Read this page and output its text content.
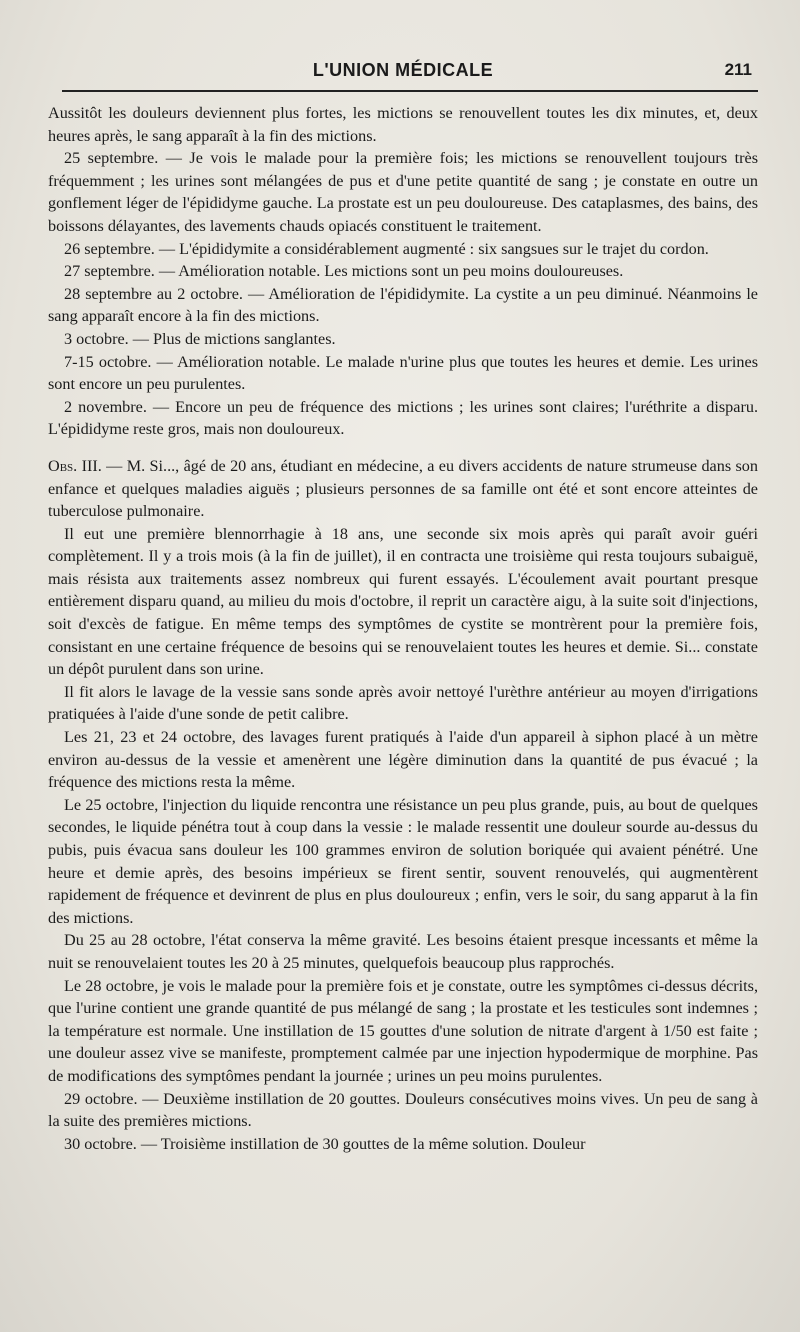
L'UNION MÉDICALE	211

Aussitôt les douleurs deviennent plus fortes, les mictions se renouvellent toutes les dix minutes, et, deux heures après, le sang apparaît à la fin des mictions.

25 septembre. — Je vois le malade pour la première fois; les mictions se renouvellent toujours très fréquemment ; les urines sont mélangées de pus et d'une petite quantité de sang ; je constate en outre un gonflement léger de l'épididyme gauche. La prostate est un peu douloureuse. Des cataplasmes, des bains, des boissons délayantes, des lavements chauds opiacés constituent le traitement.

26 septembre. — L'épididymite a considérablement augmenté : six sangsues sur le trajet du cordon.

27 septembre. — Amélioration notable. Les mictions sont un peu moins douloureuses.

28 septembre au 2 octobre. — Amélioration de l'épididymite. La cystite a un peu diminué. Néanmoins le sang apparaît encore à la fin des mictions.

3 octobre. — Plus de mictions sanglantes.

7-15 octobre. — Amélioration notable. Le malade n'urine plus que toutes les heures et demie. Les urines sont encore un peu purulentes.

2 novembre. — Encore un peu de fréquence des mictions ; les urines sont claires; l'uréthrite a disparu. L'épididyme reste gros, mais non douloureux.

Obs. III. — M. Si..., âgé de 20 ans, étudiant en médecine, a eu divers accidents de nature strumeuse dans son enfance et quelques maladies aiguës ; plusieurs personnes de sa famille ont été et sont encore atteintes de tuberculose pulmonaire.

Il eut une première blennorrhagie à 18 ans, une seconde six mois après qui paraît avoir guéri complètement. Il y a trois mois (à la fin de juillet), il en contracta une troisième qui resta toujours subaiguë, mais résista aux traitements assez nombreux qui furent essayés. L'écoulement avait pourtant presque entièrement disparu quand, au milieu du mois d'octobre, il reprit un caractère aigu, à la suite soit d'injections, soit d'excès de fatigue. En même temps des symptômes de cystite se montrèrent pour la première fois, consistant en une certaine fréquence de besoins qui se renouvelaient toutes les heures et demie. Si... constate un dépôt purulent dans son urine.

Il fit alors le lavage de la vessie sans sonde après avoir nettoyé l'urèthre antérieur au moyen d'irrigations pratiquées à l'aide d'une sonde de petit calibre.

Les 21, 23 et 24 octobre, des lavages furent pratiqués à l'aide d'un appareil à siphon placé à un mètre environ au-dessus de la vessie et amenèrent une légère diminution dans la quantité de pus évacué ; la fréquence des mictions resta la même.

Le 25 octobre, l'injection du liquide rencontra une résistance un peu plus grande, puis, au bout de quelques secondes, le liquide pénétra tout à coup dans la vessie : le malade ressentit une douleur sourde au-dessus du pubis, puis évacua sans douleur les 100 grammes environ de solution boriquée qui avaient pénétré. Une heure et demie après, des besoins impérieux se firent sentir, souvent renouvelés, qui augmentèrent rapidement de fréquence et devinrent de plus en plus douloureux ; enfin, vers le soir, du sang apparut à la fin des mictions.

Du 25 au 28 octobre, l'état conserva la même gravité. Les besoins étaient presque incessants et même la nuit se renouvelaient toutes les 20 à 25 minutes, quelquefois beaucoup plus rapprochés.

Le 28 octobre, je vois le malade pour la première fois et je constate, outre les symptômes ci-dessus décrits, que l'urine contient une grande quantité de pus mélangé de sang ; la prostate et les testicules sont indemnes ; la température est normale. Une instillation de 15 gouttes d'une solution de nitrate d'argent à 1/50 est faite ; une douleur assez vive se manifeste, promptement calmée par une injection hypodermique de morphine. Pas de modifications des symptômes pendant la journée ; urines un peu moins purulentes.

29 octobre. — Deuxième instillation de 20 gouttes. Douleurs consécutives moins vives. Un peu de sang à la suite des premières mictions.

30 octobre. — Troisième instillation de 30 gouttes de la même solution. Douleur
